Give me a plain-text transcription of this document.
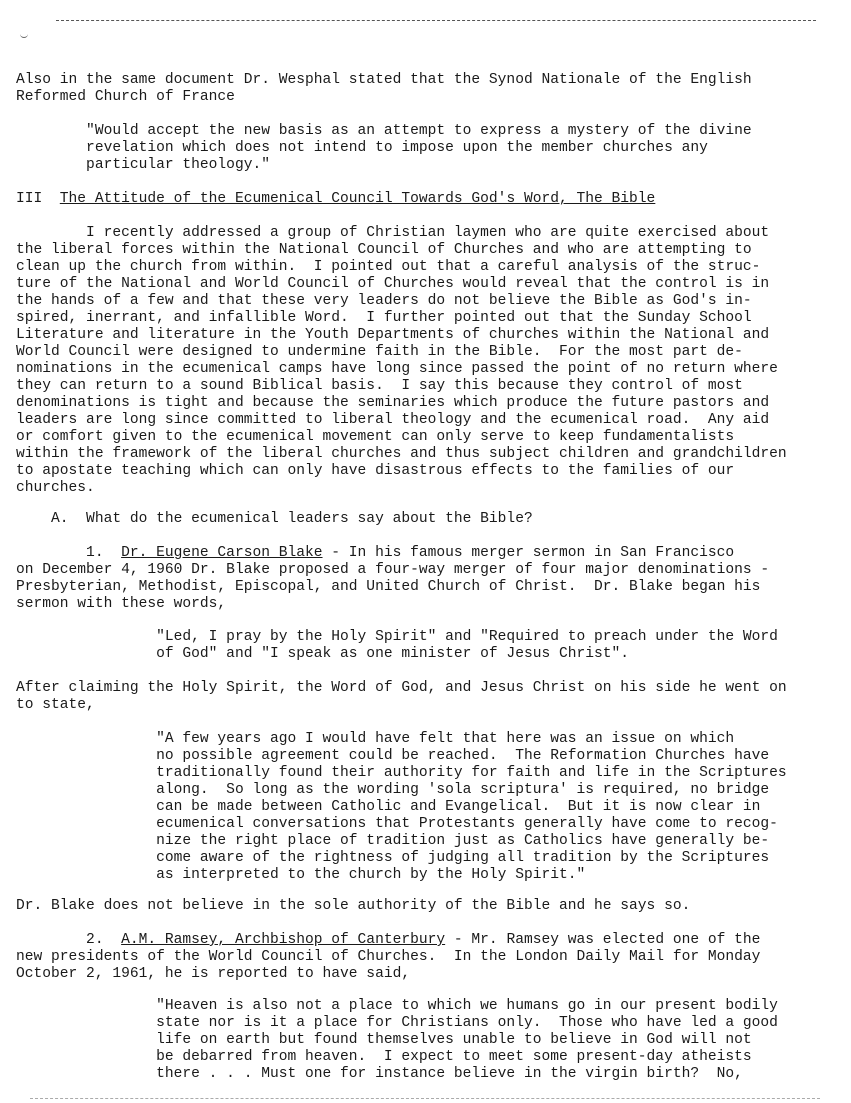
Also in the same document Dr. Wesphal stated that the Synod Nationale of the English
Reformed Church of France
"Would accept the new basis as an attempt to express a mystery of the divine
revelation which does not intend to impose upon the member churches any
particular theology."
III The Attitude of the Ecumenical Council Towards God's Word, The Bible
I recently addressed a group of Christian laymen who are quite exercised about
the liberal forces within the National Council of Churches and who are attempting to
clean up the church from within.  I pointed out that a careful analysis of the struc-
ture of the National and World Council of Churches would reveal that the control is in
the hands of a few and that these very leaders do not believe the Bible as God's in-
spired, inerrant, and infallible Word.  I further pointed out that the Sunday School
Literature and literature in the Youth Departments of churches within the National and
World Council were designed to undermine faith in the Bible.  For the most part de-
nominations in the ecumenical camps have long since passed the point of no return where
they can return to a sound Biblical basis.  I say this because they control of most
denominations is tight and because the seminaries which produce the future pastors and
leaders are long since committed to liberal theology and the ecumenical road.  Any aid
or comfort given to the ecumenical movement can only serve to keep fundamentalists
within the framework of the liberal churches and thus subject children and grandchildren
to apostate teaching which can only have disastrous effects to the families of our
churches.
A.  What do the ecumenical leaders say about the Bible?
1.  Dr. Eugene Carson Blake - In his famous merger sermon in San Francisco
on December 4, 1960 Dr. Blake proposed a four-way merger of four major denominations -
Presbyterian, Methodist, Episcopal, and United Church of Christ.  Dr. Blake began his
sermon with these words,
"Led, I pray by the Holy Spirit" and "Required to preach under the Word
of God" and "I speak as one minister of Jesus Christ".
After claiming the Holy Spirit, the Word of God, and Jesus Christ on his side he went on
to state,
"A few years ago I would have felt that here was an issue on which
no possible agreement could be reached.  The Reformation Churches have
traditionally found their authority for faith and life in the Scriptures
along.  So long as the wording 'sola scriptura' is required, no bridge
can be made between Catholic and Evangelical.  But it is now clear in
ecumenical conversations that Protestants generally have come to recog-
nize the right place of tradition just as Catholics have generally be-
come aware of the rightness of judging all tradition by the Scriptures
as interpreted to the church by the Holy Spirit."
Dr. Blake does not believe in the sole authority of the Bible and he says so.
2.  A.M. Ramsey, Archbishop of Canterbury - Mr. Ramsey was elected one of the
new presidents of the World Council of Churches.  In the London Daily Mail for Monday
October 2, 1961, he is reported to have said,
"Heaven is also not a place to which we humans go in our present bodily
state nor is it a place for Christians only.  Those who have led a good
life on earth but found themselves unable to believe in God will not
be debarred from heaven.  I expect to meet some present-day atheists
there . . . Must one for instance believe in the virgin birth?  No,
